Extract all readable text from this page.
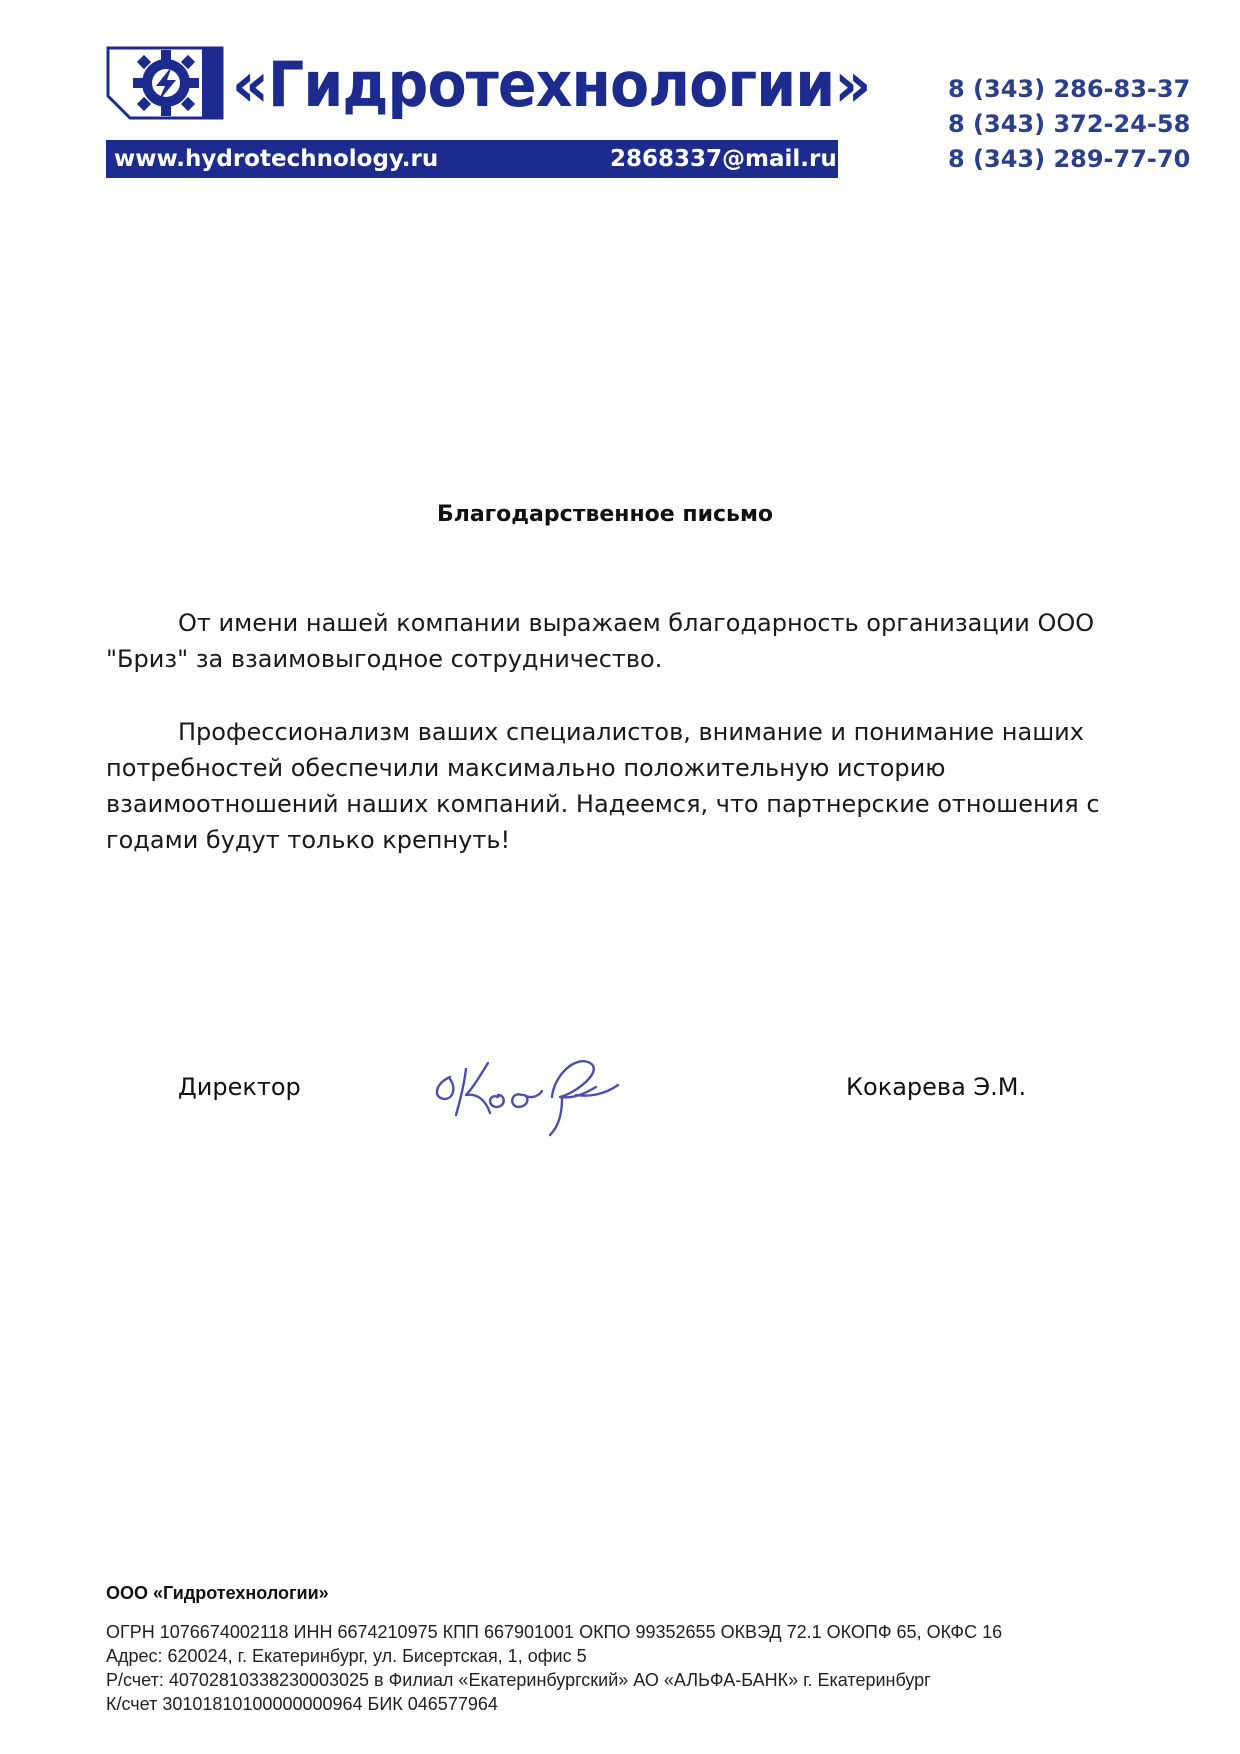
«Гидротехнологии»
www.hydrotechnology.ru	2868337@mail.ru
8 (343) 286-83-37
8 (343) 372-24-58
8 (343) 289-77-70
Благодарственное письмо

От имени нашей компании выражаем благодарность организации ООО "Бриз" за взаимовыгодное сотрудничество.

Профессионализм ваших специалистов, внимание и понимание наших потребностей обеспечили максимально положительную историю взаимоотношений наших компаний. Надеемся, что партнерские отношения с годами будут только крепнуть!

Директор	Кокарева Э.М.
ООО «Гидротехнологии»
ОГРН 1076674002118 ИНН 6674210975 КПП 667901001 ОКПО 99352655 ОКВЭД 72.1 ОКОПФ 65, ОКФС 16
Адрес: 620024, г. Екатеринбург, ул. Бисертская, 1, офис 5
Р/счет: 40702810338230003025 в Филиал «Екатеринбургский» АО «АЛЬФА-БАНК» г. Екатеринбург
К/счет 30101810100000000964 БИК 046577964
